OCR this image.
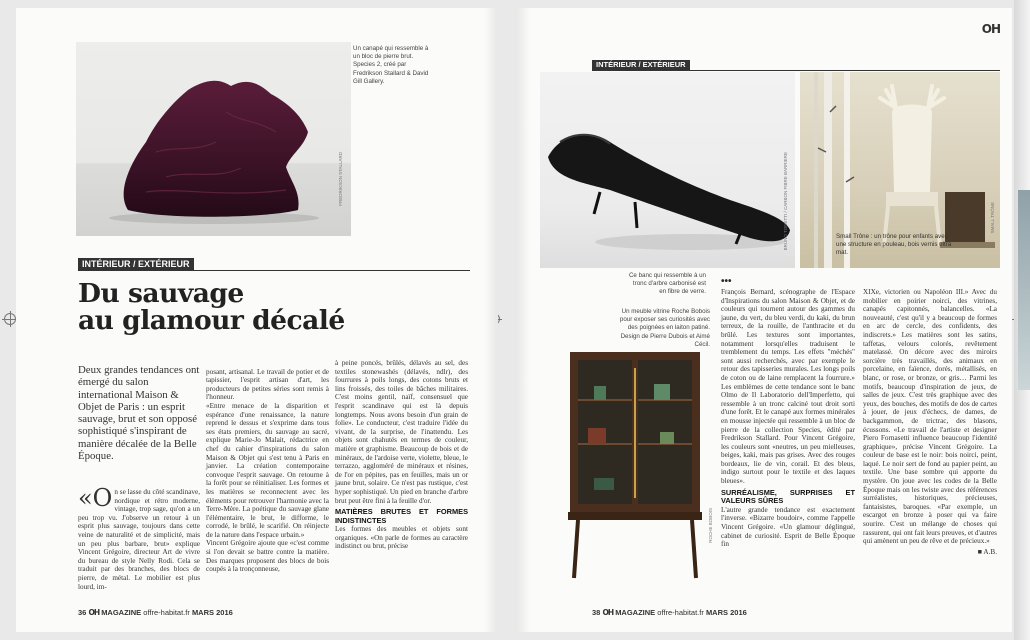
FREDRIKSON STALLARD
Un canapé qui ressemble à un bloc de pierre brut. Species 2, créé par Fredrikson Stallard & David Gill Gallery.
INTÉRIEUR / EXTÉRIEUR
Du sauvage
au glamour décalé
Deux grandes tendances ont émergé du salon international Maison & Objet de Paris : un esprit sauvage, brut et son opposé sophistiqué s'inspirant de manière décalée de la Belle Époque.
«On se lasse du côté scandinave, nordique et rétro moderne, vintage, trop sage, qu'on a un peu trop vu. J'observe un retour à un esprit plus sauvage, toujours dans cette veine de naturalité et de simplicité, mais un peu plus barbare, brut» explique Vincent Grégoire, directeur Art de vivre du bureau de style Nelly Rodi. Cela se traduit par des branches, des blocs de pierre, de métal. Le mobilier est plus lourd, im-

posant, artisanal. Le travail de potier et de tapissier, l'esprit artisan d'art, les producteurs de petites séries sont remis à l'honneur.
«Entre menace de la disparition et espérance d'une renaissance, la nature reprend le dessus et s'exprime dans tous ses états premiers, du sauvage au sacré, explique Marie-Jo Malait, rédactrice en chef du cahier d'inspirations du salon Maison & Objet qui s'est tenu à Paris en janvier. La création contemporaine convoque l'esprit sauvage. On retourne à la forêt pour se réinitialiser. Les formes et les matières se reconnectent avec les éléments pour retrouver l'harmonie avec la Terre-Mère. La poétique du sauvage glane l'élémentaire, le brut, le difforme, le corrodé, le brûlé, le scarifié. On réinjecte de la nature dans l'espace urbain.»
Vincent Grégoire ajoute que «c'est comme si l'on devait se battre contre la matière. Des marques proposent des blocs de bois coupés à la tronçonneuse,

à peine poncés, brûlés, délavés au sel, des textiles stonewashés (délavés, ndlr), des fourrures à poils longs, des cotons bruts et lins froissés, des toiles de bâches militaires. C'est moins gentil, naïf, consensuel que l'esprit scandinave qui est là depuis longtemps. Nous avons besoin d'un grain de folie». Le conducteur, c'est traduire l'idée du vivant, de la surprise, de l'inattendu. Les objets sont chahutés en termes de couleur, matière et graphisme. Beaucoup de bois et de minéraux, de l'ardoise verte, violette, bleue, le terrazzo, aggloméré de minéraux et résines, de l'or en pépites, pas en feuilles, mais un or jaune brut, solaire. Ce n'est pas rustique, c'est hyper sophistiqué. Un pied en branche d'arbre brut peut être fini à la feuille d'or.

MATIÈRES BRUTES ET FORMES INDISTINCTES

Les formes des meubles et objets sont organiques. «On parle de formes au caractère indistinct ou brut, précise

36 OH MAGAZINE offre-habitat.fr MARS 2016
OH
INTÉRIEUR / EXTÉRIEUR
BRUNO TONETTI / CARBON FIBRE BARRIERE	SMALL TRÔNE
Small Trône : un trône pour enfants avec une structure en pouleau, bois vernis ultra mat.
Ce banc qui ressemble à un tronc d'arbre carbonisé est en fibre de verre.
Un meuble vitrine Roche Bobois pour exposer ses curiosités avec des poignées en laiton patiné. Design de Pierre Dubois et Aimé Cécil.
ROCHE BOBOIS
•••

François Bernard, scénographe de l'Espace d'Inspirations du salon Maison & Objet, et de couleurs qui tournent autour des gammes du jaune, du vert, du bleu verdi, du kaki, du brun terreux, de la rouille, de l'anthracite et du brûlé. Les textures sont importantes, notamment lorsqu'elles traduisent le tremblement du temps. Les effets "méchés" sont aussi recherchés, avec par exemple le retour des tapisseries murales. Les longs poils de coton ou de laine remplacent la fourrure.» Les emblèmes de cette tendance sont le banc Olmo de Il Laboratorio dell'Imperfetto, qui ressemble à un tronc calciné tout droit sorti d'une forêt. Et le canapé aux formes minérales en mousse injectée qui ressemble à un bloc de pierre de la collection Species, édité par Fredrikson Stallard. Pour Vincent Grégoire, les couleurs sont «neutres, un peu mielleuses, beiges, kaki, mais pas grises. Avec des rouges bordeaux, lie de vin, corail. Et des bleus, indigo surtout pour le textile et des laques bleues».

SURRÉALISME, SURPRISES ET VALEURS SÛRES

L'autre grande tendance est exactement l'inverse. «Bizarre boudoir», comme l'appelle Vincent Grégoire. «Un glamour déglingué, cabinet de curiosité. Esprit de Belle Époque fin

XIXe, victorien ou Napoléon III.» Avec du mobilier en poirier noirci, des vitrines, canapés capitonnés, balancelles. «La nouveauté, c'est qu'il y a beaucoup de formes en arc de cercle, des confidents, des indiscrets.» Les matières sont les satins, taffetas, velours colorés, revêtement matelassé. On décore avec des miroirs sorcière très travaillés, des animaux en porcelaine, en faïence, dorés, métallisés, en blanc, or rose, or bronze, or gris… Parmi les motifs, beaucoup d'inspiration de jeux, de salles de jeux. C'est très graphique avec des yeux, des bouches, des motifs de dos de cartes à jouer, de jeux d'échecs, de dames, de backgammon, de trictrac, des blasons, écussons. «Le travail de l'artiste et designer Piero Fornasetti influence beaucoup l'identité graphique», précise Vincent Grégoire. La couleur de base est le noir: bois noirci, peint, laqué. Le noir sert de fond au papier peint, au textile. Une base sombre qui apporte du mystère. On joue avec les codes de la Belle Époque mais on les twiste avec des références surréalistes, historiques, précieuses, fantaisistes, baroques. «Par exemple, un escargot en bronze à poser qui va faire sourire. C'est un mélange de choses qui rassurent, qui ont fait leurs preuves, et d'autres qui amènent un peu de rêve et de précieux.»

■ A.B.

38 OH MAGAZINE offre-habitat.fr MARS 2016
